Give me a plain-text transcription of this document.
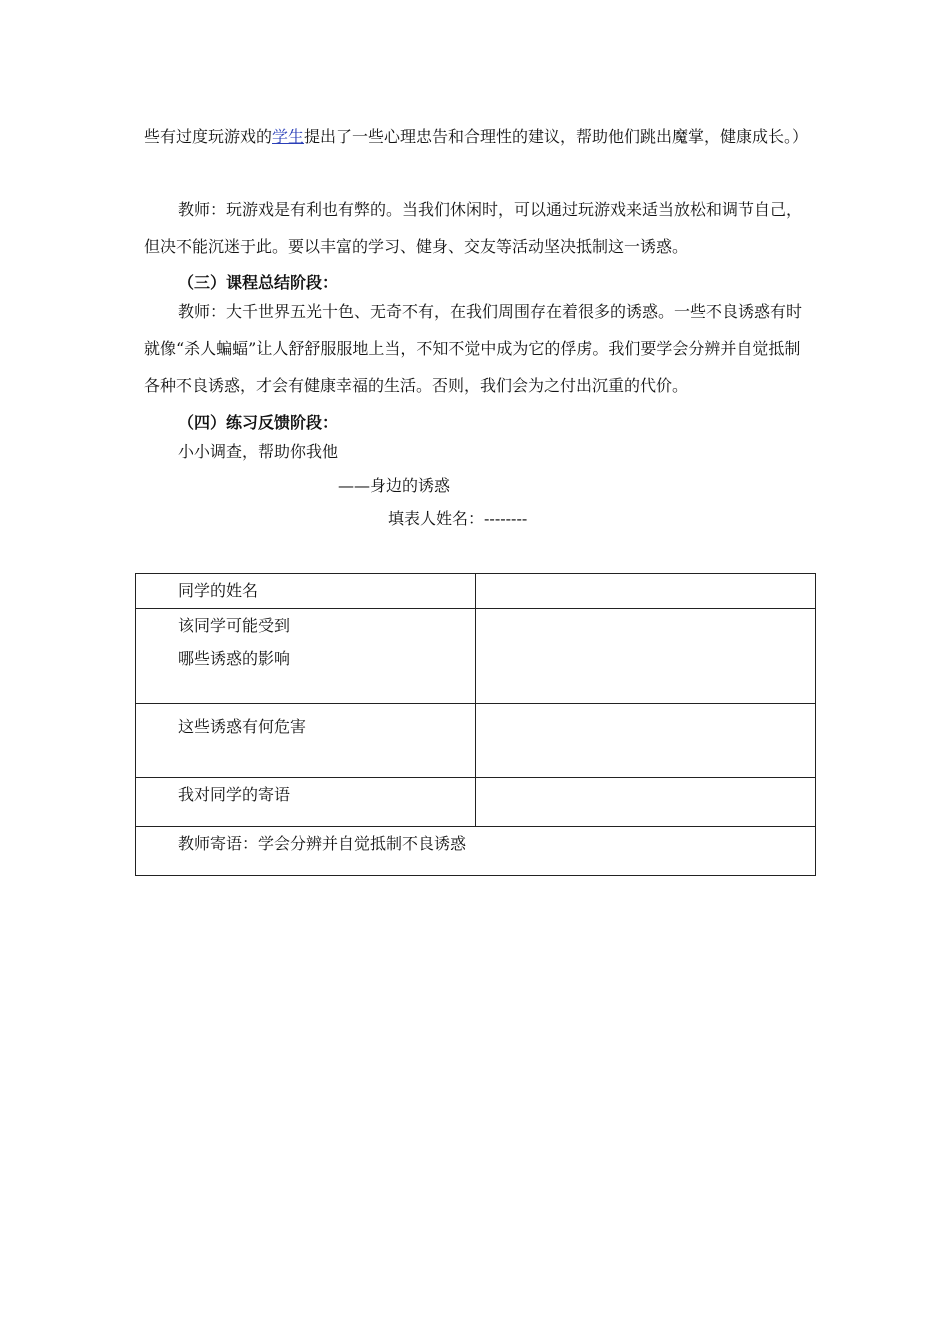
些有过度玩游戏的学生提出了一些心理忠告和合理性的建议，帮助他们跳出魔掌，健康成长。）

教师：玩游戏是有利也有弊的。当我们休闲时，可以通过玩游戏来适当放松和调节自己，但决不能沉迷于此。要以丰富的学习、健身、交友等活动坚决抵制这一诱惑。

（三）课程总结阶段：

教师：大千世界五光十色、无奇不有，在我们周围存在着很多的诱惑。一些不良诱惑有时就像“杀人蝙蝠”让人舒舒服服地上当，不知不觉中成为它的俘虏。我们要学会分辨并自觉抵制各种不良诱惑，才会有健康幸福的生活。否则，我们会为之付出沉重的代价。

（四）练习反馈阶段：

小小调查，帮助你我他
——身边的诱惑
填表人姓名：--------
同学的姓名	

该同学可能受到
哪些诱惑的影响	

这些诱惑有何危害	

我对同学的寄语	

教师寄语：学会分辨并自觉抵制不良诱惑	
